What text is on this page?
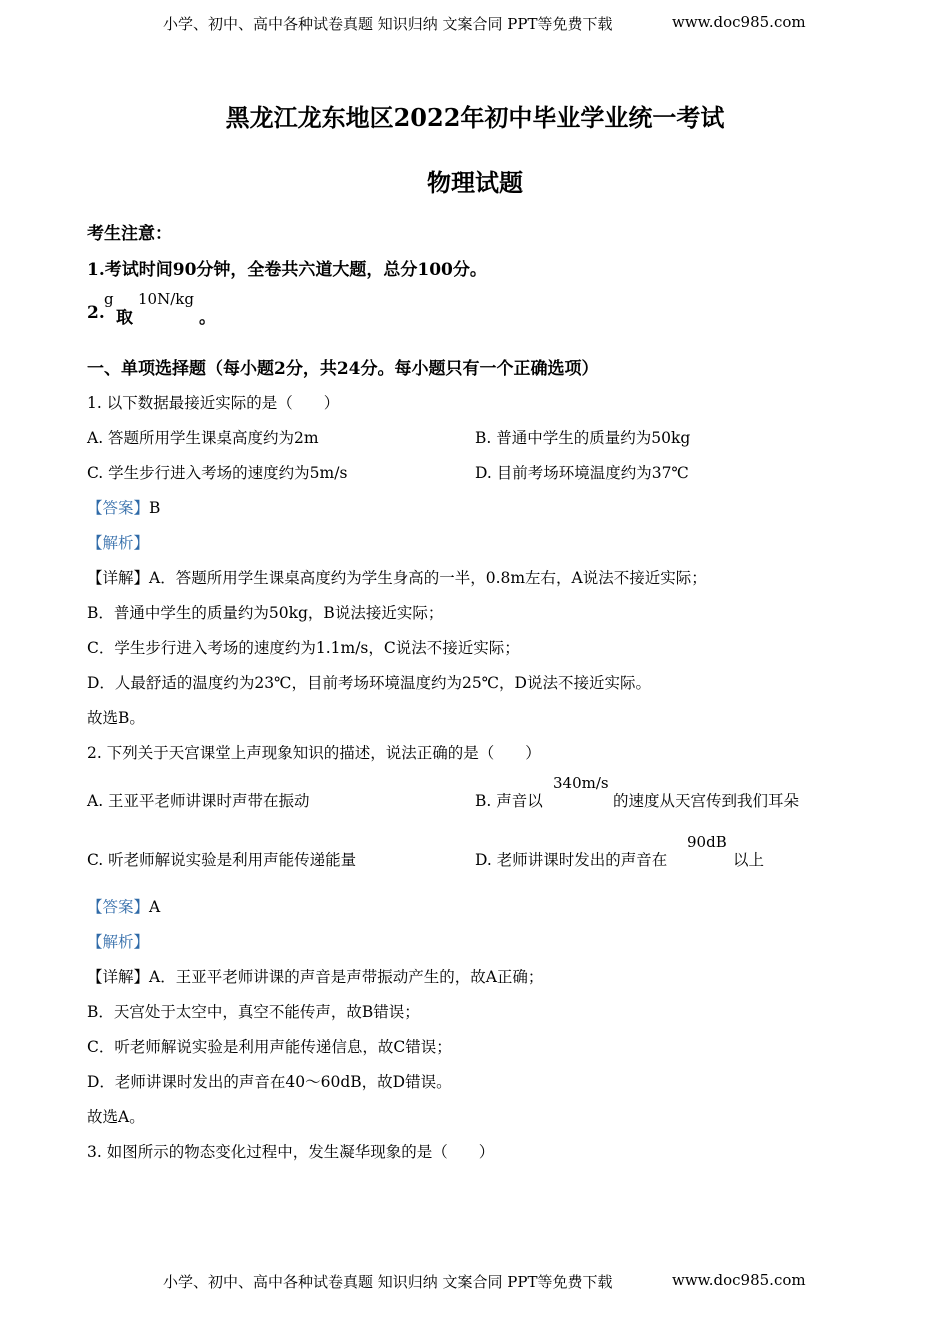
小学、初中、高中各种试卷真题 知识归纳 文案合同 PPT等免费下载	www.doc985.com
黑龙江龙东地区2022年初中毕业学业统一考试
物理试题
考生注意：
1.考试时间90分钟，全卷共六道大题，总分100分。
2.
g
取
10N/kg
。
一、单项选择题（每小题2分，共24分。每小题只有一个正确选项）
1. 以下数据最接近实际的是（　　）
A. 答题所用学生课桌高度约为2m	B. 普通中学生的质量约为50kg
C. 学生步行进入考场的速度约为5m/s	D. 目前考场环境温度约为37℃
【答案】B
【解析】
【详解】A．答题所用学生课桌高度约为学生身高的一半，0.8m左右，A说法不接近实际；
B．普通中学生的质量约为50kg，B说法接近实际；
C．学生步行进入考场的速度约为1.1m/s，C说法不接近实际；
D．人最舒适的温度约为23℃，目前考场环境温度约为25℃，D说法不接近实际。
故选B。
2. 下列关于天宫课堂上声现象知识的描述，说法正确的是（　　）
A. 王亚平老师讲课时声带在振动	B. 声音以
340m/s
的速度从天宫传到我们耳朵
C. 听老师解说实验是利用声能传递能量	D. 老师讲课时发出的声音在
90dB
以上
【答案】A
【解析】
【详解】A．王亚平老师讲课的声音是声带振动产生的，故A正确；
B．天宫处于太空中，真空不能传声，故B错误；
C．听老师解说实验是利用声能传递信息，故C错误；
D．老师讲课时发出的声音在40～60dB，故D错误。
故选A。
3. 如图所示的物态变化过程中，发生凝华现象的是（　　）
小学、初中、高中各种试卷真题 知识归纳 文案合同 PPT等免费下载	www.doc985.com
